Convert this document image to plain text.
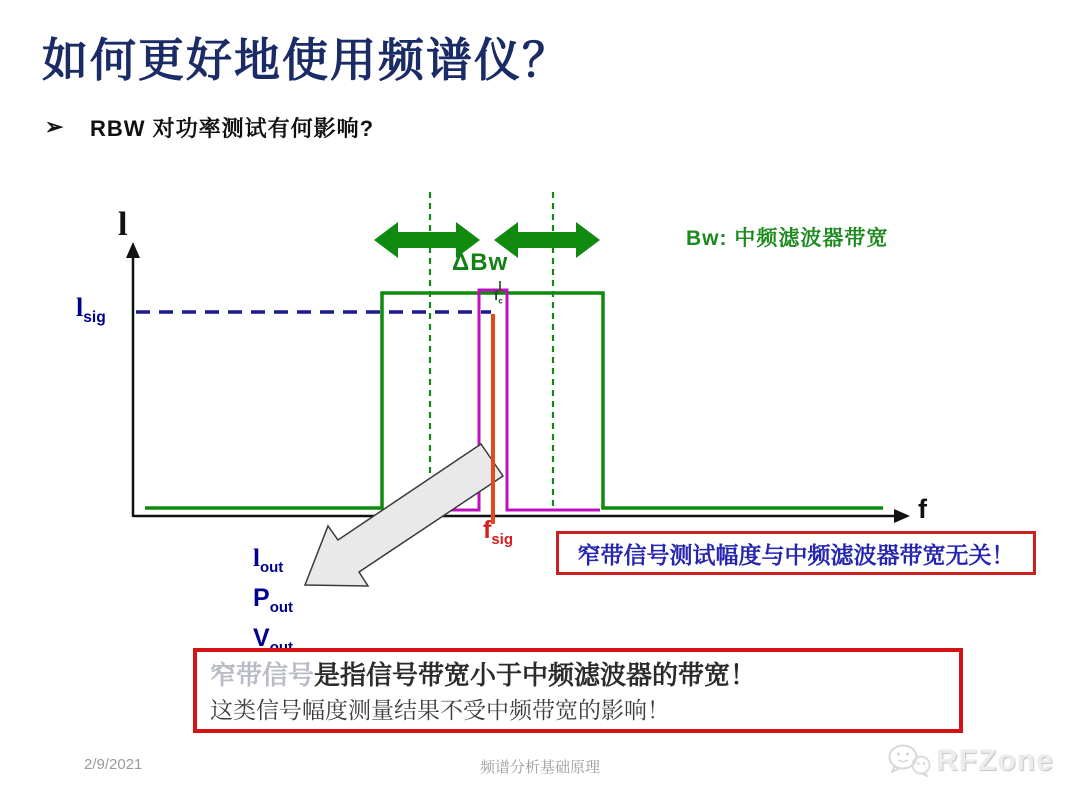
如何更好地使用频谱仪？
➢ RBW 对功率测试有何影响?
l
f
$l_{sig}$
ΔBw
Bw: 中频滤波器带宽
$f_c$
$f_{sig}$
$l_{out}$
$P_{out}$
$V_{out}$
窄带信号测试幅度与中频滤波器带宽无关！
窄带信号是指信号带宽小于中频滤波器的带宽！
这类信号幅度测量结果不受中频带宽的影响！
2/9/2021	频谱分析基础原理	RFZone
